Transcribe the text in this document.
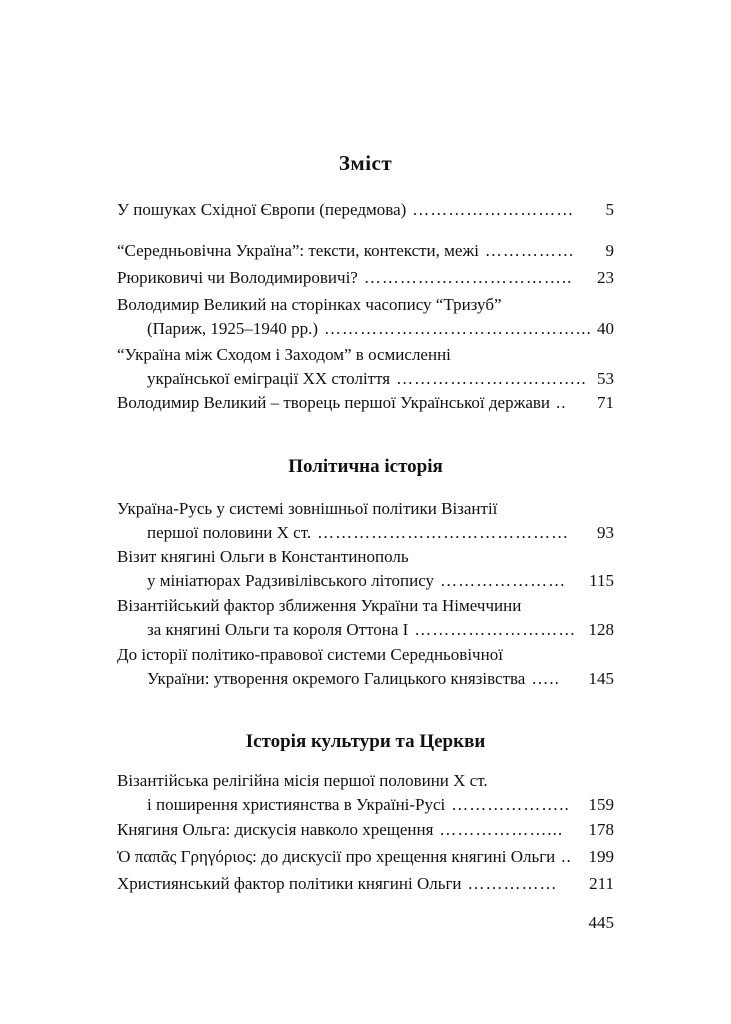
Зміст
У пошуках Східної Європи (передмова) ………………………	5
“Середньовічна Україна”: тексти, контексти, межі ……………	9
Рюриковичі чи Володимировичі? ……………………………..	23
Володимир Великий на сторінках часопису “Тризуб”
(Париж, 1925–1940 рр.) ……………………………………... 40
“Україна між Сходом і Заходом” в осмисленні
української еміграції ХХ століття ………………………….. 53
Володимир Великий – творець першої Української держави ..	71
Політична історія
Україна-Русь у системі зовнішньої політики Візантії
першої половини Х ст. ……………………………………	93
Візит княгині Ольги в Константинополь
у мініатюрах Радзивілівського літопису …………………	115
Візантійський фактор зближення України та Німеччини
за княгині Ольги та короля Оттона І ……………………… 128
До історії політико-правової системи Середньовічної
України: утворення окремого Галицького князівства …..	145
Історія культури та Церкви
Візантійська релігійна місія першої половини Х ст.
і поширення християнства в Україні-Русі ………………..	159
Княгиня Ольга: дискусія навколо хрещення ………………...	178
Ὁ παπᾶς Γρηγόριος: до дискусії про хрещення княгині Ольги .. 199
Християнський фактор політики княгині Ольги ……………	211
445
